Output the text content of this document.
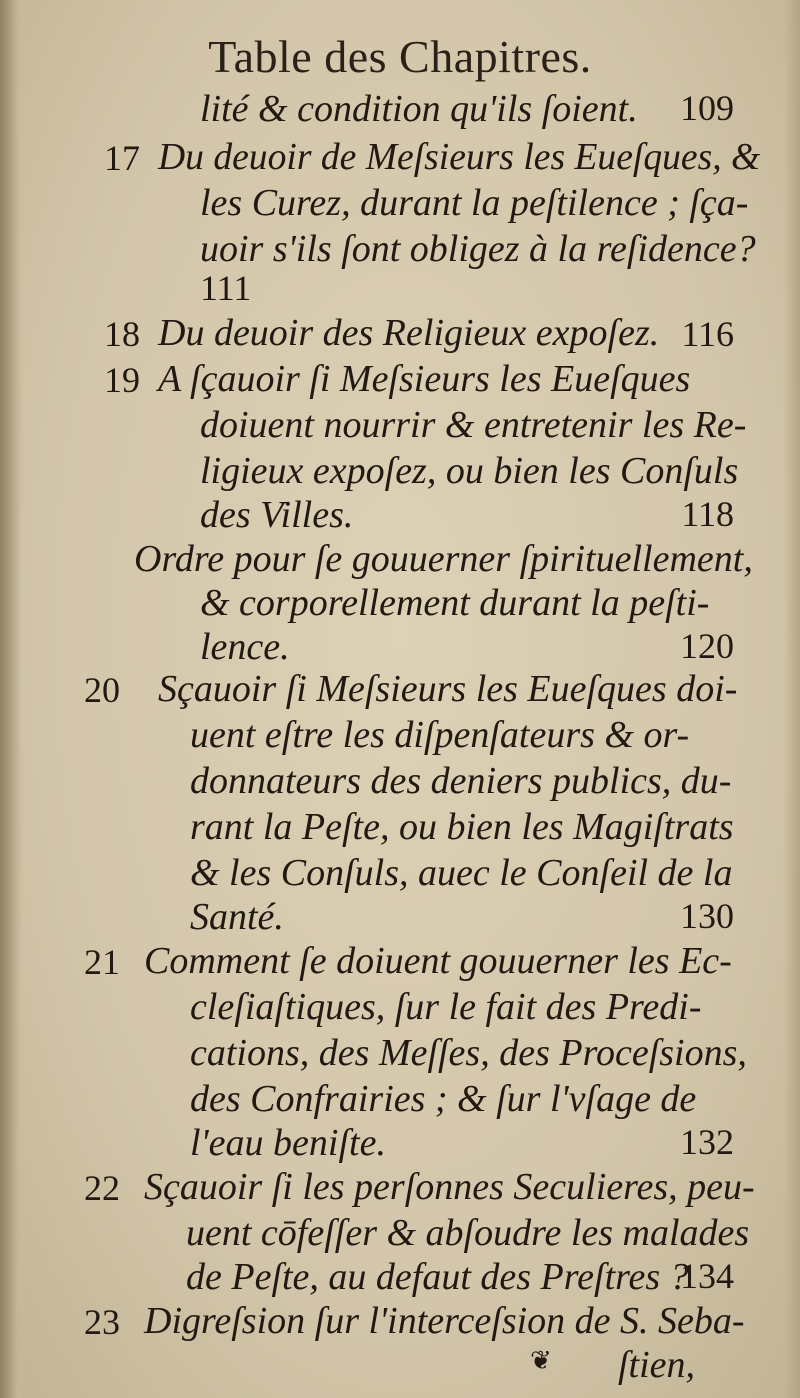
Table des Chapitres.
lité & condition qu'ils ſoient. 109
17 Du deuoir de Meſsieurs les Eueſques, &
les Curez, durant la peſtilence ; ſça-
uoir s'ils ſont obligez à la reſidence?
111
18 Du deuoir des Religieux expoſez. 116
19 A ſçauoir ſi Meſsieurs les Eueſques
doiuent nourrir & entretenir les Re-
ligieux expoſez, ou bien les Conſuls
des Villes.	118
Ordre pour ſe gouuerner ſpirituellement,
& corporellement durant la peſti-
lence.	120
20 Sçauoir ſi Meſsieurs les Eueſques doi-
uent eſtre les diſpenſateurs & or-
donnateurs des deniers publics, du-
rant la Peſte, ou bien les Magiſtrats
& les Conſuls, auec le Conſeil de la
Santé.	130
21 Comment ſe doiuent gouuerner les Ec-
cleſiaſtiques, ſur le fait des Predi-
cations, des Meſſes, des Proceſsions,
des Confrairies ; & ſur l'vſage de
l'eau beniſte.	132
22 Sçauoir ſi les perſonnes Seculieres, peu-
uent cōfeſſer & abſoudre les malades
de Peſte, au defaut des Preſtres ?
134
23 Digreſsion ſur l'interceſsion de S. Seba-
ſtien,
❦
